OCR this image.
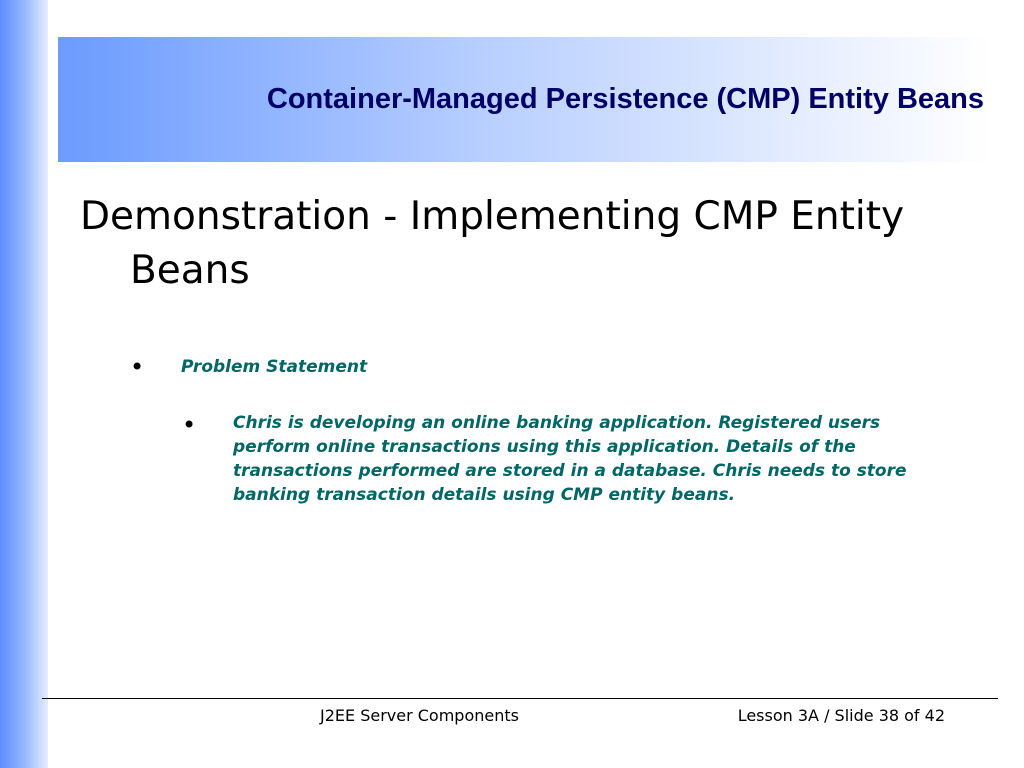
Container-Managed Persistence (CMP) Entity Beans
Demonstration - Implementing CMP Entity Beans
•	Problem Statement
•	Chris is developing an online banking application. Registered users perform online transactions using this application. Details of the transactions performed are stored in a database. Chris needs to store banking transaction details using CMP entity beans.
J2EE Server Components	Lesson 3A / Slide 38 of 42
